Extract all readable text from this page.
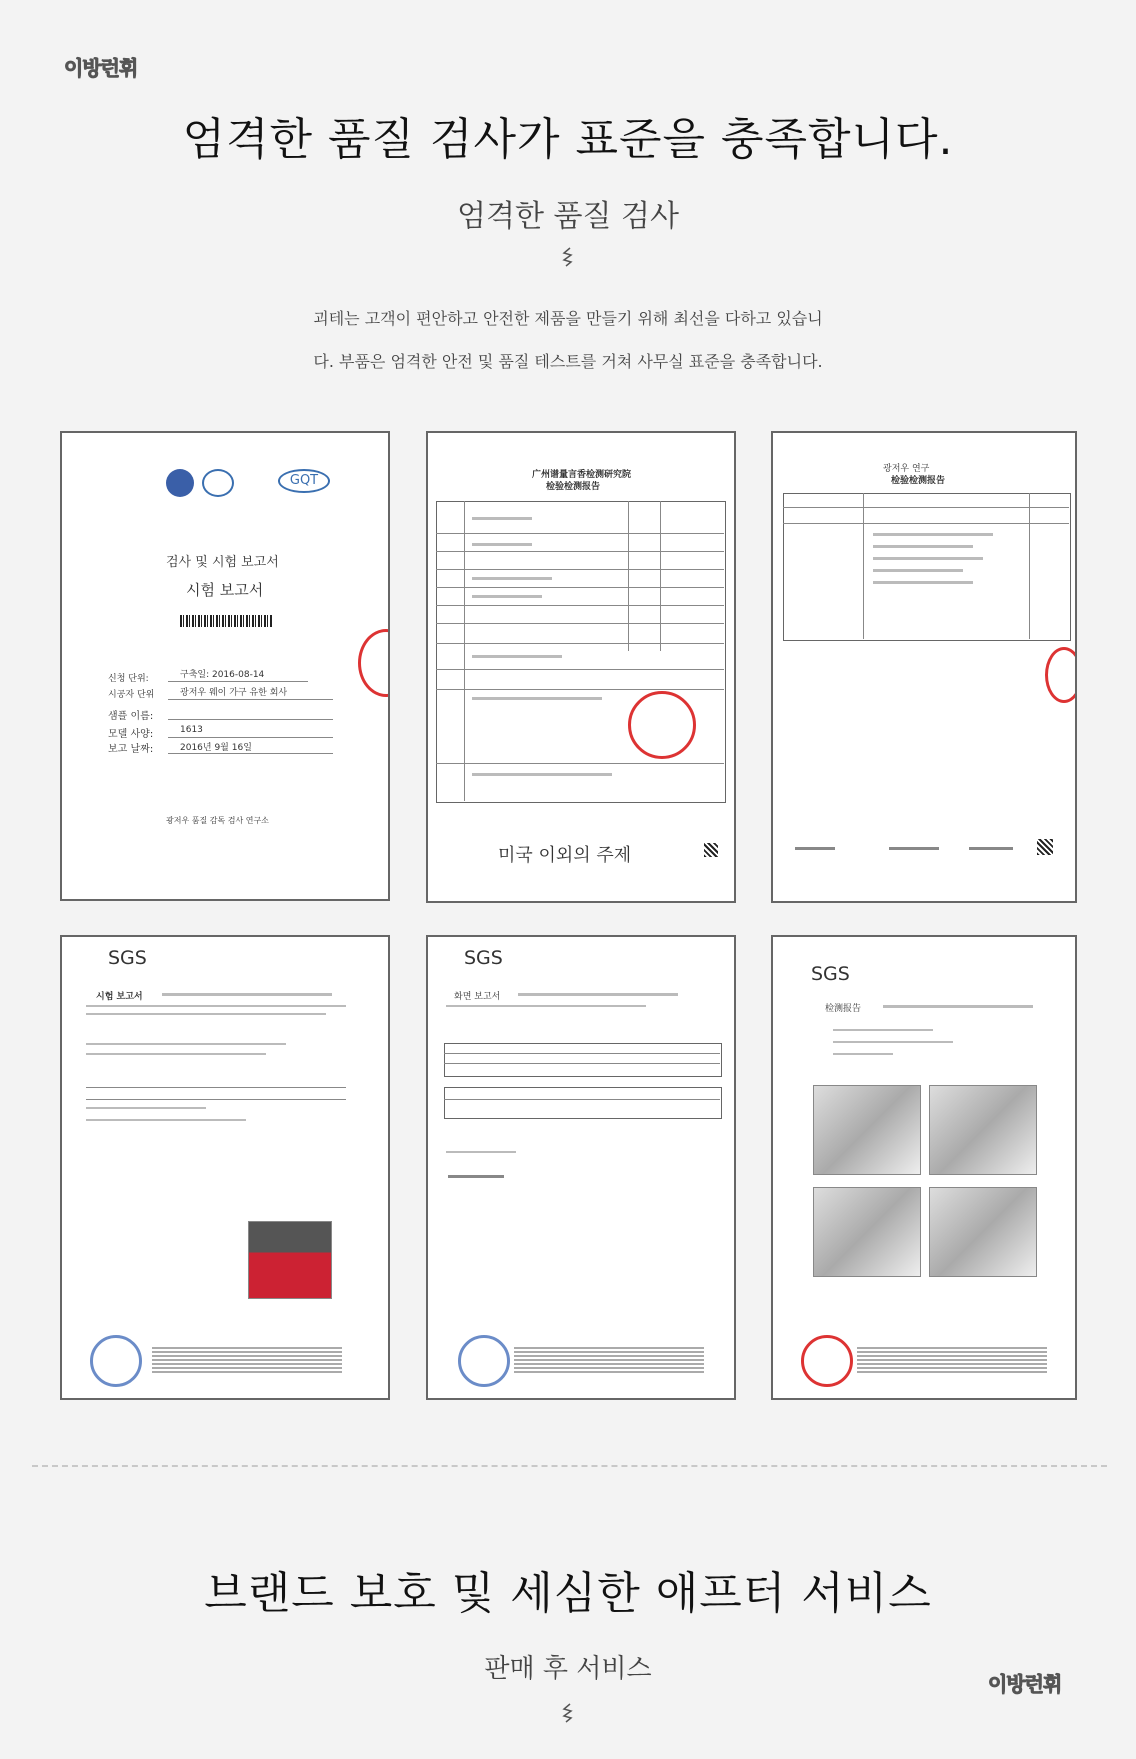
이방런휘
이방런휘
엄격한 품질 검사가 표준을 충족합니다.
엄격한 품질 검사
괴테는 고객이 편안하고 안전한 제품을 만들기 위해 최선을 다하고 있습니
다. 부품은 엄격한 안전 및 품질 테스트를 거쳐 사무실 표준을 충족합니다.
GQT
검사 및 시험 보고서
시험 보고서
신청 단위:	구축일: 2016-08-14
시공자 단위	광저우 웨이 가구 유한 회사
샘플 이름:
모델 사양:	1613
보고 날짜:	2016년 9월 16일
광저우 품질 감독 검사 연구소
广州谱量言香检测研究院
检验检测报告
미국 이외의 주제
광저우 연구
检验检测报告
SGS
시험 보고서
SGS
화면 보고서
SGS
检测报告
브랜드 보호 및 세심한 애프터 서비스
판매 후 서비스
